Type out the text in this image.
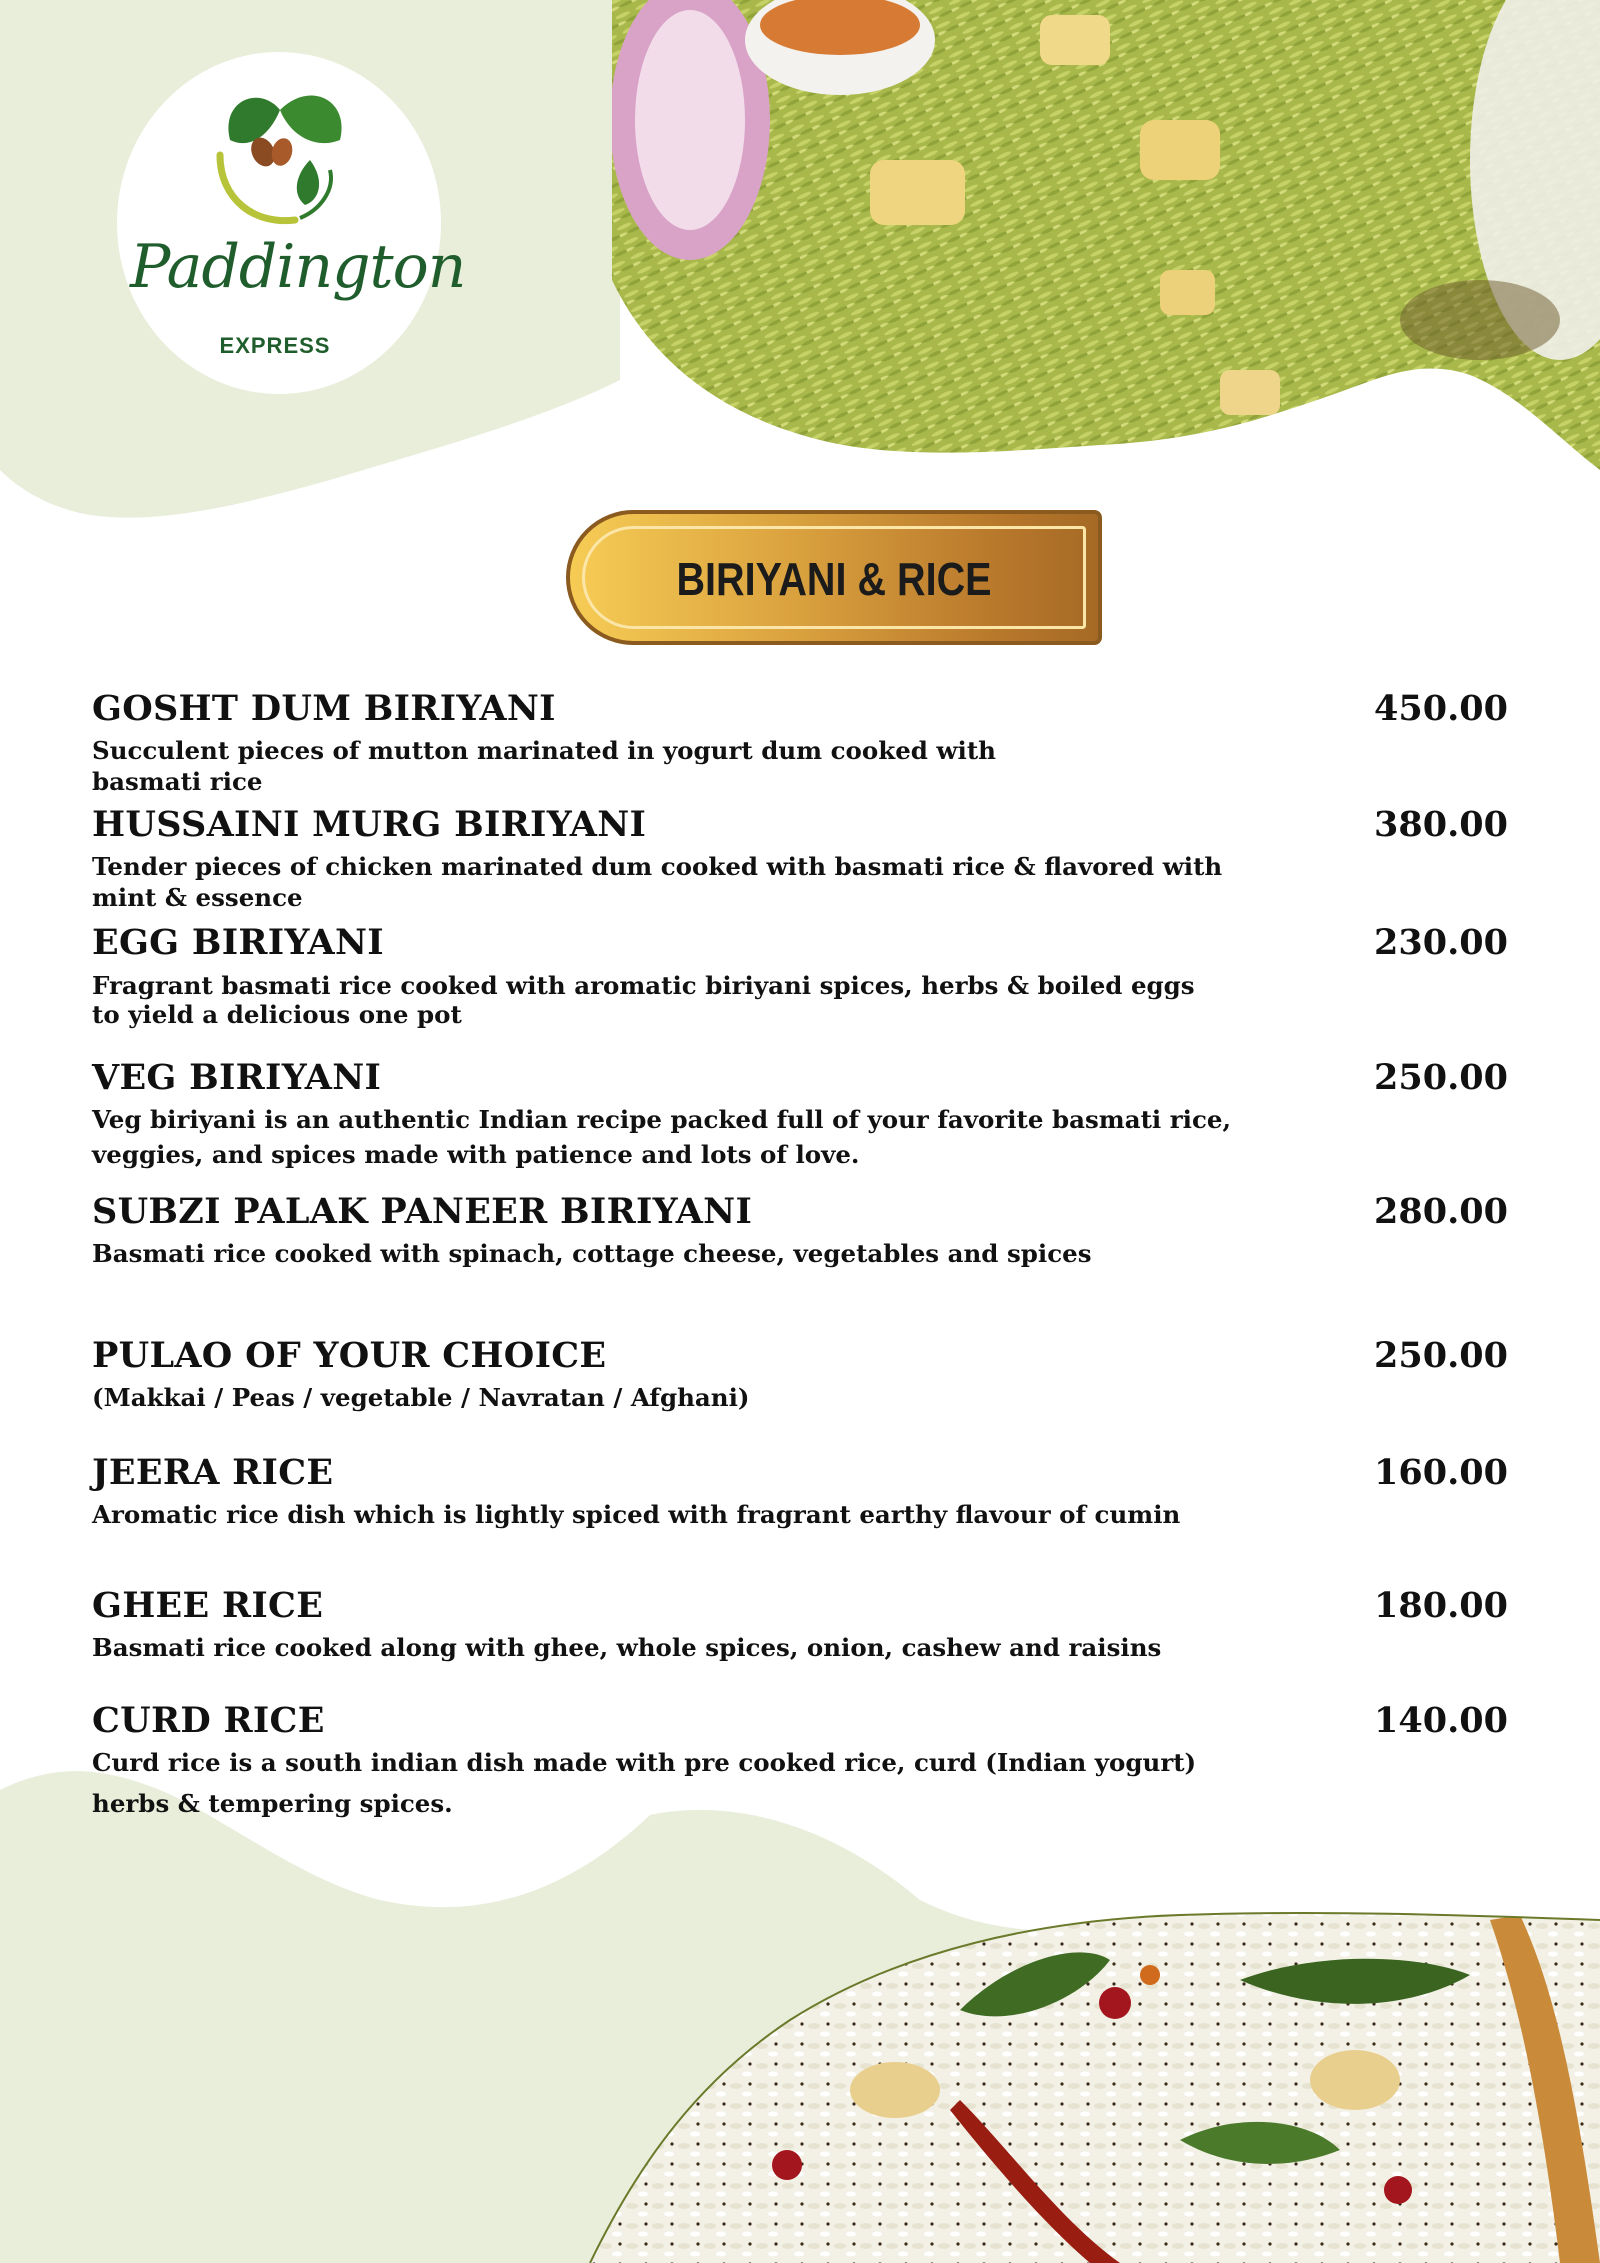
Paddington
EXPRESS
BIRIYANI & RICE
GOSHT DUM BIRIYANI	450.00
Succulent pieces of mutton marinated in yogurt dum cooked with
basmati rice
HUSSAINI MURG BIRIYANI	380.00
Tender pieces of chicken marinated dum cooked with basmati rice & flavored with
mint & essence
EGG BIRIYANI	230.00
Fragrant basmati rice cooked with aromatic biriyani spices, herbs & boiled eggs
to yield a delicious one pot
VEG BIRIYANI	250.00
Veg biriyani is an authentic Indian recipe packed full of your favorite basmati rice,
veggies, and spices made with patience and lots of love.
SUBZI PALAK PANEER BIRIYANI	280.00
Basmati rice cooked with spinach, cottage cheese, vegetables and spices
PULAO OF YOUR CHOICE	250.00
(Makkai / Peas / vegetable / Navratan / Afghani)
JEERA RICE	160.00
Aromatic rice dish which is lightly spiced with fragrant earthy flavour of cumin
GHEE RICE	180.00
Basmati rice cooked along with ghee, whole spices, onion, cashew and raisins
CURD RICE	140.00
Curd rice is a south indian dish made with pre cooked rice, curd (Indian yogurt)
herbs & tempering spices.
